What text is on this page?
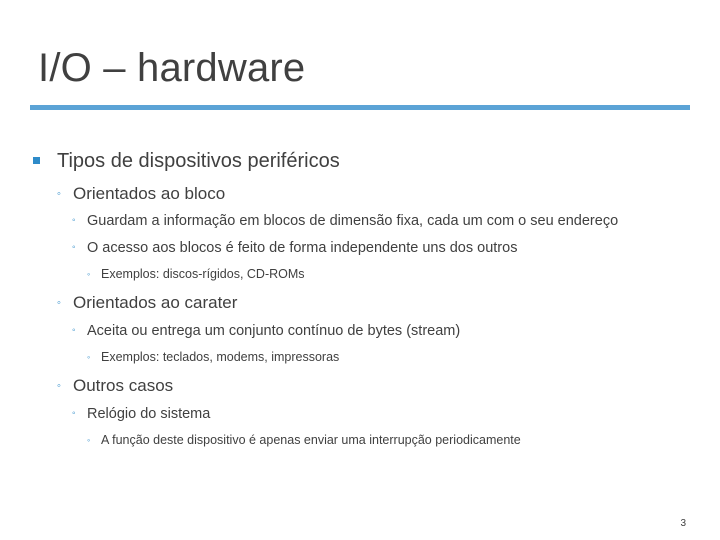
I/O – hardware
Tipos de dispositivos periféricos
◦ Orientados ao bloco
◦ Guardam a informação em blocos de dimensão fixa, cada um com o seu endereço
◦ O acesso aos blocos é feito de forma independente uns dos outros
◦ Exemplos: discos-rígidos, CD-ROMs
◦ Orientados ao carater
◦ Aceita ou entrega um conjunto contínuo de bytes (stream)
◦ Exemplos: teclados, modems, impressoras
◦ Outros casos
◦ Relógio do sistema
◦ A função deste dispositivo é apenas enviar uma interrupção periodicamente
3
